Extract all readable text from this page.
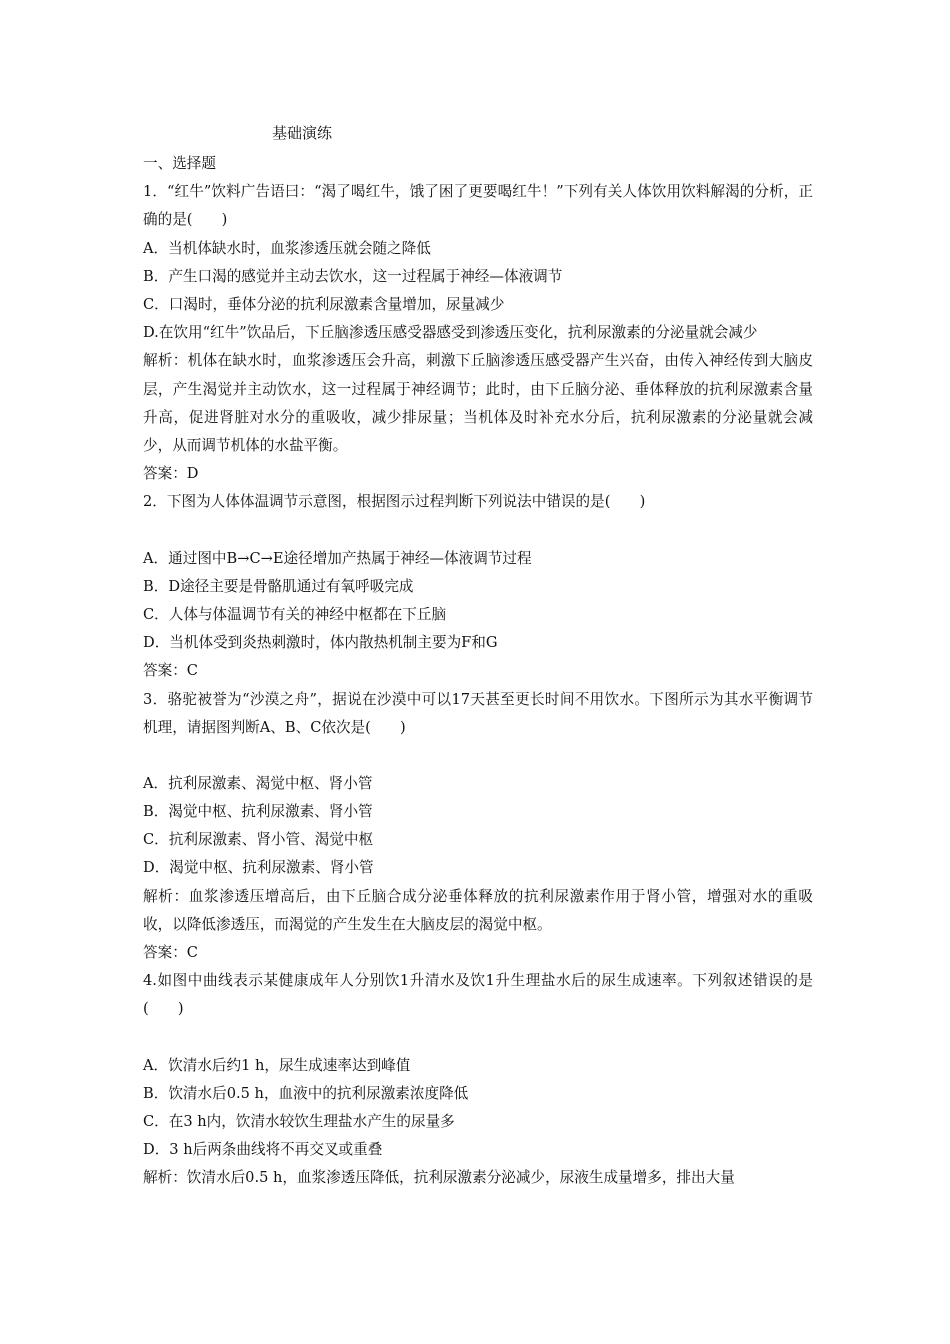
基础演练
一、选择题
1．“红牛”饮料广告语曰：“渴了喝红牛，饿了困了更要喝红牛！”下列有关人体饮用饮料解渴的分析，正确的是(　　)
A．当机体缺水时，血浆渗透压就会随之降低
B．产生口渴的感觉并主动去饮水，这一过程属于神经—体液调节
C．口渴时，垂体分泌的抗利尿激素含量增加，尿量减少
D.在饮用“红牛”饮品后，下丘脑渗透压感受器感受到渗透压变化，抗利尿激素的分泌量就会减少
解析：机体在缺水时，血浆渗透压会升高，刺激下丘脑渗透压感受器产生兴奋，由传入神经传到大脑皮层，产生渴觉并主动饮水，这一过程属于神经调节；此时，由下丘脑分泌、垂体释放的抗利尿激素含量升高，促进肾脏对水分的重吸收，减少排尿量；当机体及时补充水分后，抗利尿激素的分泌量就会减少，从而调节机体的水盐平衡。
答案：D
2．下图为人体体温调节示意图，根据图示过程判断下列说法中错误的是(　　)
A．通过图中B→C→E途径增加产热属于神经—体液调节过程
B．D途径主要是骨骼肌通过有氧呼吸完成
C．人体与体温调节有关的神经中枢都在下丘脑
D．当机体受到炎热刺激时，体内散热机制主要为F和G
答案：C
3．骆驼被誉为“沙漠之舟”，据说在沙漠中可以17天甚至更长时间不用饮水。下图所示为其水平衡调节机理，请据图判断A、B、C依次是(　　)
A．抗利尿激素、渴觉中枢、肾小管
B．渴觉中枢、抗利尿激素、肾小管
C．抗利尿激素、肾小管、渴觉中枢
D．渴觉中枢、抗利尿激素、肾小管
解析：血浆渗透压增高后，由下丘脑合成分泌垂体释放的抗利尿激素作用于肾小管，增强对水的重吸收，以降低渗透压，而渴觉的产生发生在大脑皮层的渴觉中枢。
答案：C
4.如图中曲线表示某健康成年人分别饮1升清水及饮1升生理盐水后的尿生成速率。下列叙述错误的是(　　)
A．饮清水后约1 h，尿生成速率达到峰值
B．饮清水后0.5 h，血液中的抗利尿激素浓度降低
C．在3 h内，饮清水较饮生理盐水产生的尿量多
D．3 h后两条曲线将不再交叉或重叠
解析：饮清水后0.5 h，血浆渗透压降低，抗利尿激素分泌减少，尿液生成量增多，排出大量
